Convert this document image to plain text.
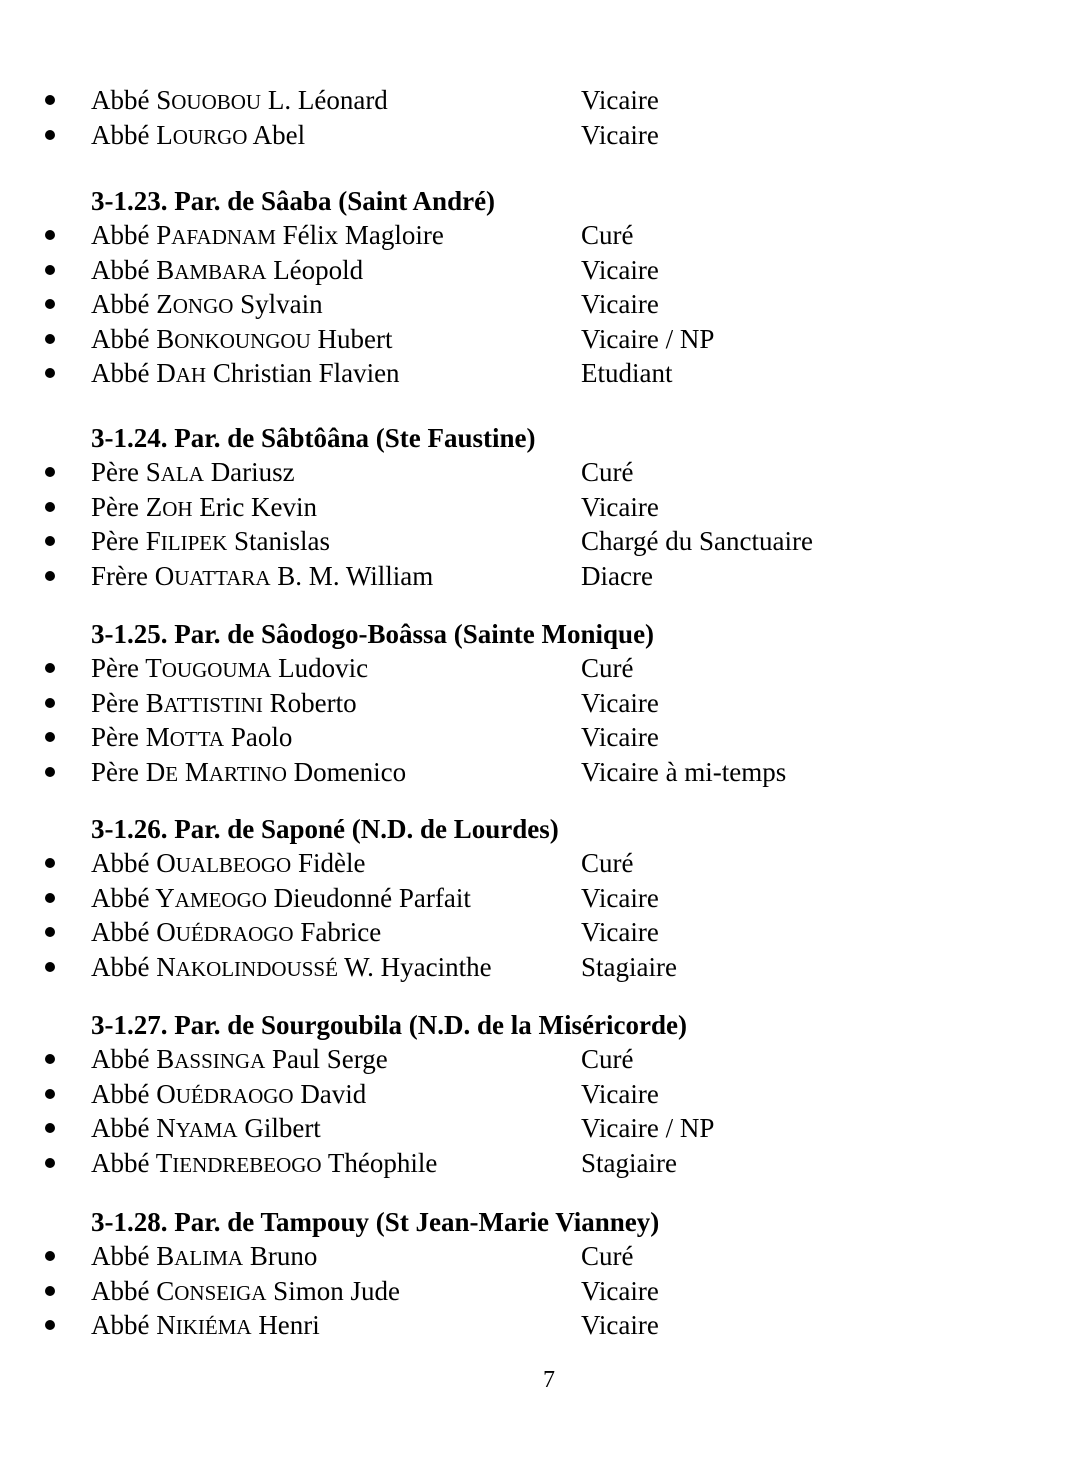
Abbé SOUOBOU L. Léonard	Vicaire
Abbé LOURGO Abel	Vicaire
3-1.23. Par. de Sâaba (Saint André)
Abbé PAFADNAM Félix Magloire	Curé
Abbé BAMBARA Léopold	Vicaire
Abbé ZONGO Sylvain	Vicaire
Abbé BONKOUNGOU Hubert	Vicaire / NP
Abbé DAH Christian Flavien	Etudiant
3-1.24. Par. de Sâbtôâna (Ste Faustine)
Père SALA Dariusz	Curé
Père ZOH Eric Kevin	Vicaire
Père FILIPEK Stanislas	Chargé du Sanctuaire
Frère OUATTARA B. M. William	Diacre
3-1.25. Par. de Sâodogo-Boâssa (Sainte Monique)
Père TOUGOUMA Ludovic	Curé
Père BATTISTINI Roberto	Vicaire
Père MOTTA Paolo	Vicaire
Père DE MARTINO Domenico	Vicaire à mi-temps
3-1.26. Par. de Saponé (N.D. de Lourdes)
Abbé OUALBEOGO Fidèle	Curé
Abbé YAMEOGO Dieudonné Parfait	Vicaire
Abbé OUÉDRAOGO Fabrice	Vicaire
Abbé NAKOLINDOUSSÉ W. Hyacinthe	Stagiaire
3-1.27. Par. de Sourgoubila (N.D. de la Miséricorde)
Abbé BASSINGA Paul Serge	Curé
Abbé OUÉDRAOGO David	Vicaire
Abbé NYAMA Gilbert	Vicaire / NP
Abbé TIENDREBEOGO Théophile	Stagiaire
3-1.28. Par. de Tampouy (St Jean-Marie Vianney)
Abbé BALIMA Bruno	Curé
Abbé CONSEIGA Simon Jude	Vicaire
Abbé NIKIÉMA Henri	Vicaire
7
